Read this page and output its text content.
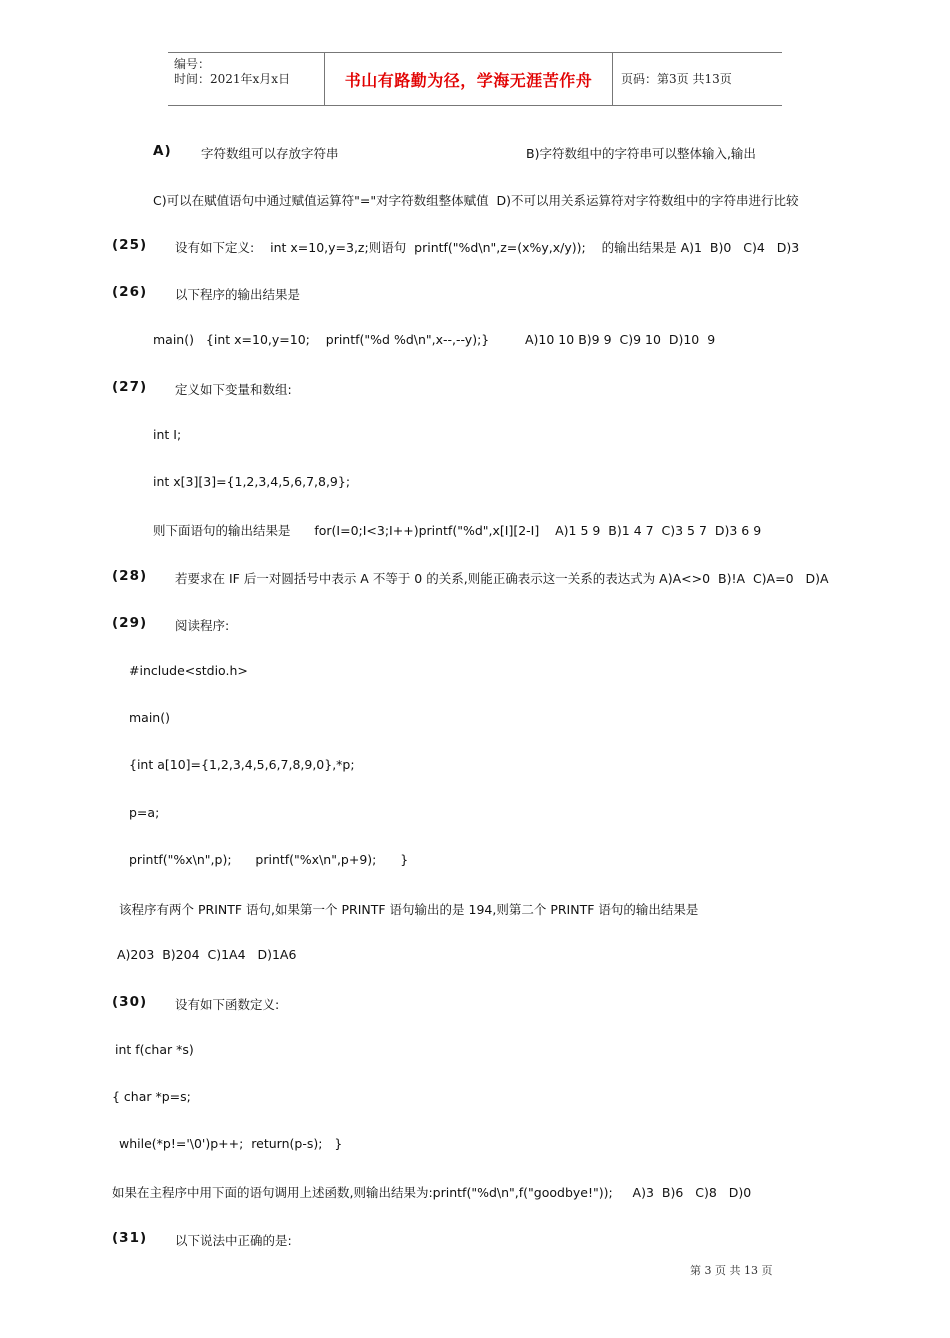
编号：
时间：2021年x月x日	书山有路勤为径，学海无涯苦作舟 页码：第3页 共13页
A) 字符数组可以存放字符串	B)字符数组中的字符串可以整体输入,输出
C)可以在赋值语句中通过赋值运算符"="对字符数组整体赋值  D)不可以用关系运算符对字符数组中的字符串进行比较
(25) 设有如下定义:    int x=10,y=3,z;则语句  printf("%d\n",z=(x%y,x/y));    的输出结果是 A)1  B)0   C)4   D)3
(26) 以下程序的输出结果是
main()   {int x=10,y=10;    printf("%d %d\n",x--,--y);}         A)10 10 B)9 9  C)9 10  D)10  9
(27) 定义如下变量和数组:
int I;
int x[3][3]={1,2,3,4,5,6,7,8,9};
则下面语句的输出结果是      for(I=0;I<3;I++)printf("%d",x[I][2-I]    A)1 5 9  B)1 4 7  C)3 5 7  D)3 6 9
(28) 若要求在 IF 后一对圆括号中表示 A 不等于 0 的关系,则能正确表示这一关系的表达式为 A)A<>0  B)!A  C)A=0   D)A
(29) 阅读程序:
#include<stdio.h>
main()
{int a[10]={1,2,3,4,5,6,7,8,9,0},*p;
p=a;
printf("%x\n",p);      printf("%x\n",p+9);      }
该程序有两个 PRINTF 语句,如果第一个 PRINTF 语句输出的是 194,则第二个 PRINTF 语句的输出结果是
A)203  B)204  C)1A4   D)1A6
(30) 设有如下函数定义:
int f(char *s)
{ char *p=s;
while(*p!='\0')p++;  return(p-s);   }
如果在主程序中用下面的语句调用上述函数,则输出结果为:printf("%d\n",f("goodbye!"));     A)3  B)6   C)8   D)0
(31) 以下说法中正确的是:
第 3 页 共 13 页
